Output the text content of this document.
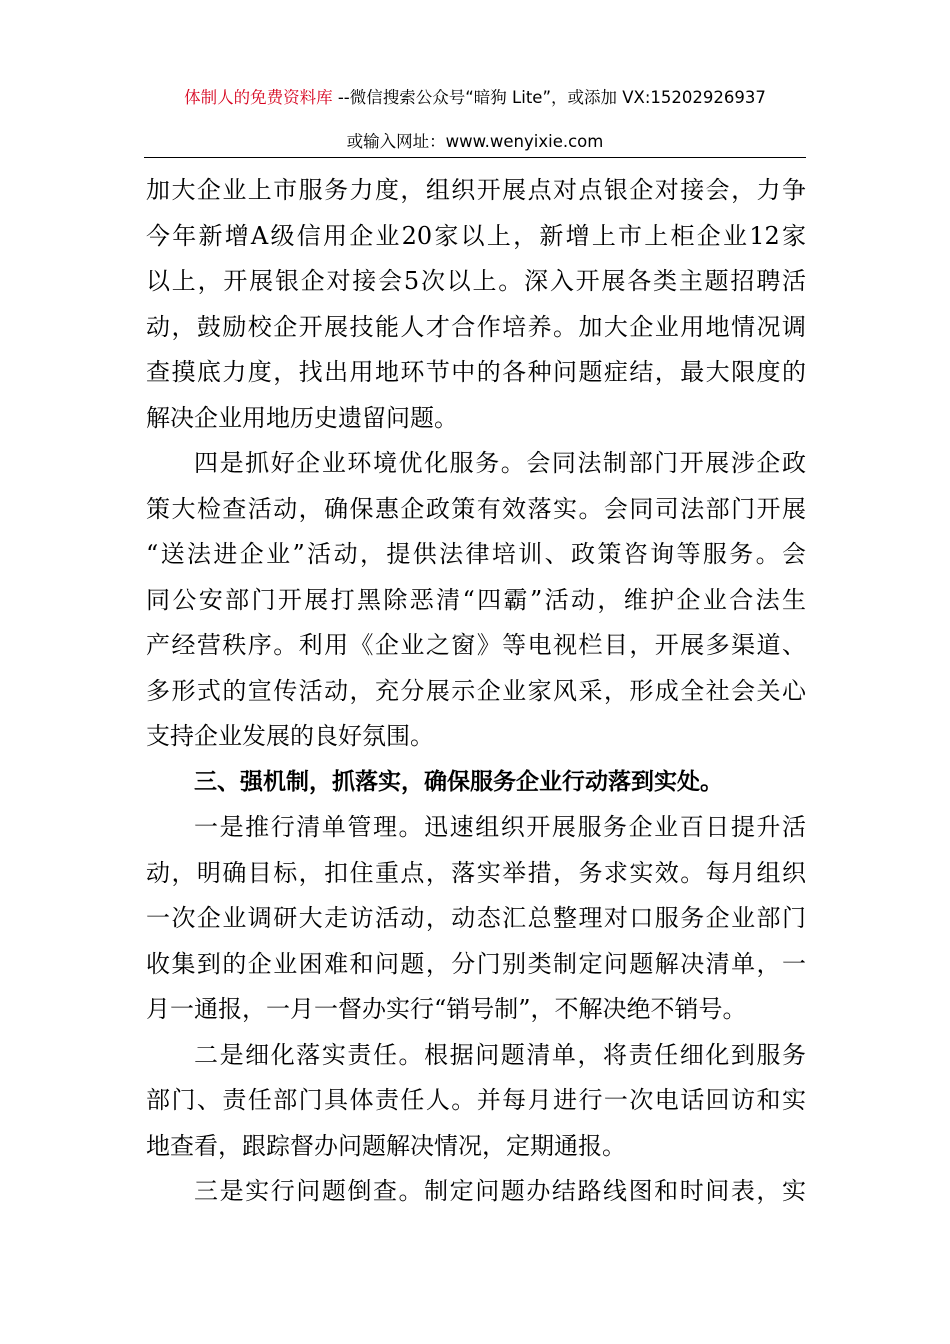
体制人的免费资料库 --微信搜索公众号“暗狗 Lite”，或添加 VX:15202926937
或输入网址：www.wenyixie.com
加大企业上市服务力度，组织开展点对点银企对接会，力争
今年新增A级信用企业20家以上，新增上市上柜企业12家
以上，开展银企对接会5次以上。深入开展各类主题招聘活
动，鼓励校企开展技能人才合作培养。加大企业用地情况调
查摸底力度，找出用地环节中的各种问题症结，最大限度的
解决企业用地历史遗留问题。
四是抓好企业环境优化服务。会同法制部门开展涉企政
策大检查活动，确保惠企政策有效落实。会同司法部门开展
“送法进企业”活动，提供法律培训、政策咨询等服务。会
同公安部门开展打黑除恶清“四霸”活动，维护企业合法生
产经营秩序。利用《企业之窗》等电视栏目，开展多渠道、
多形式的宣传活动，充分展示企业家风采，形成全社会关心
支持企业发展的良好氛围。
三、强机制，抓落实，确保服务企业行动落到实处。
一是推行清单管理。迅速组织开展服务企业百日提升活
动，明确目标，扣住重点，落实举措，务求实效。每月组织
一次企业调研大走访活动，动态汇总整理对口服务企业部门
收集到的企业困难和问题，分门别类制定问题解决清单，一
月一通报，一月一督办实行“销号制”，不解决绝不销号。
二是细化落实责任。根据问题清单，将责任细化到服务
部门、责任部门具体责任人。并每月进行一次电话回访和实
地查看，跟踪督办问题解决情况，定期通报。
三是实行问题倒查。制定问题办结路线图和时间表，实
